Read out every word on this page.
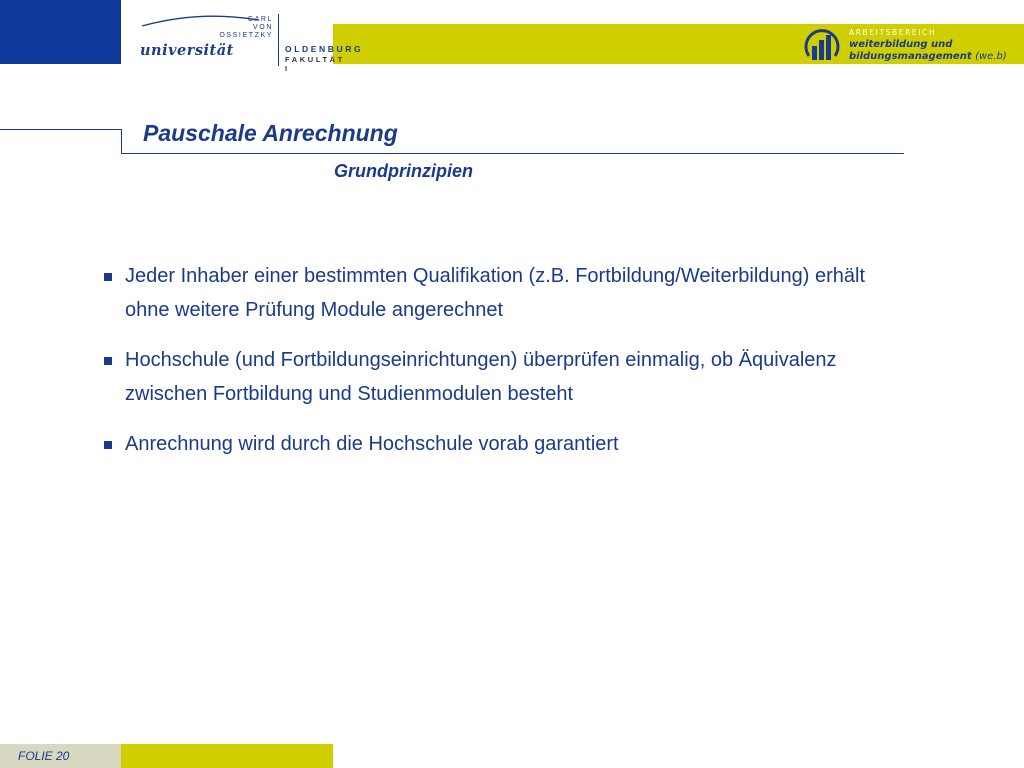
CARL
VON
OSSIETZKY
universität	OLDENBURG
FAKULTÄT I
ARBEITSBEREICH
weiterbildung und
bildungsmanagement (we.b)
Pauschale Anrechnung
Grundprinzipien
Jeder Inhaber einer bestimmten Qualifikation (z.B. Fortbildung/Weiterbildung) erhält ohne weitere Prüfung Module angerechnet
Hochschule (und Fortbildungseinrichtungen) überprüfen einmalig, ob Äquivalenz zwischen Fortbildung und Studienmodulen besteht
Anrechnung wird durch die Hochschule vorab garantiert
FOLIE 20
